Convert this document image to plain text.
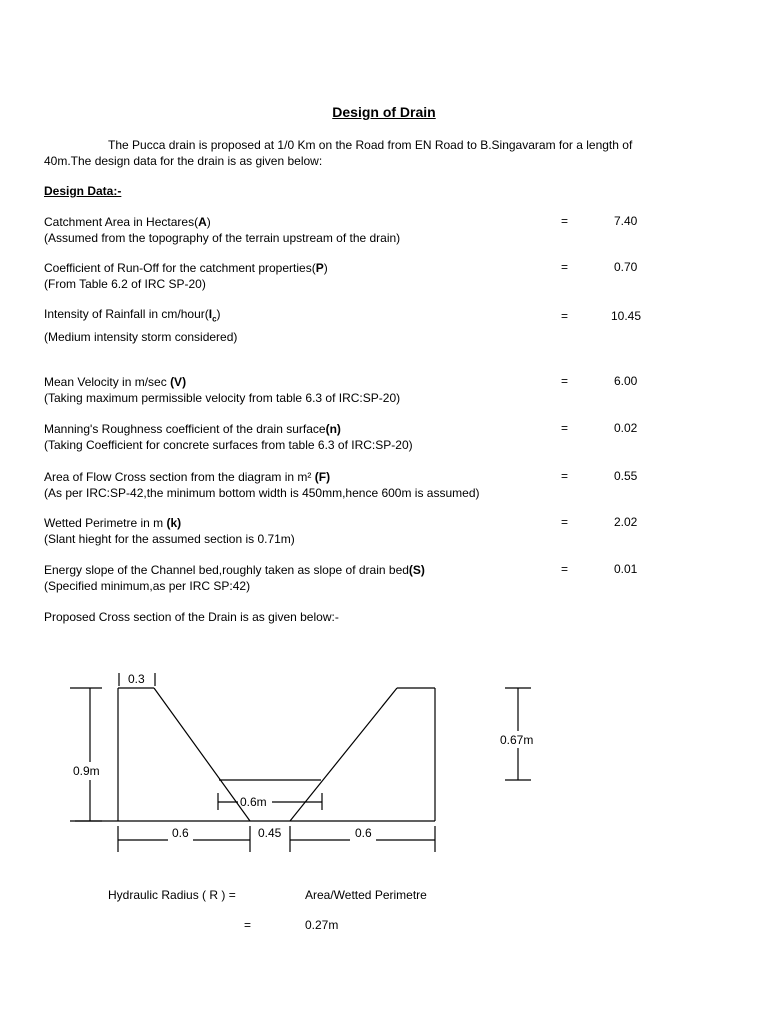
Design of Drain
The Pucca drain is proposed at 1/0 Km on the Road from EN Road to B.Singavaram for a length of 40m.The design data for the drain is as given below:
Design Data:-
Catchment Area in Hectares(A)
(Assumed from the topography of the terrain upstream of the drain)
=	7.40
Coefficient of Run-Off for the catchment properties(P)
(From Table 6.2 of IRC SP-20)
=	0.70
Intensity of Rainfall in $cm/hour(I_c)$
(Medium intensity storm considered)
=	10.45
Mean Velocity in m/sec (V)
(Taking maximum permissible velocity from table 6.3 of IRC:SP-20)
=	6.00
Manning's Roughness coefficient of the drain surface(n)
(Taking Coefficient for concrete surfaces from table 6.3 of IRC:SP-20)
=	0.02
Area of Flow Cross section from the diagram in m² (F)
(As per IRC:SP-42,the minimum bottom width is 450mm,hence 600m is assumed)
=	0.55
Wetted Perimetre in m (k)
(Slant hieght for the assumed section is 0.71m)
=	2.02
Energy slope of the Channel bed,roughly taken as slope of drain bed(S)
(Specified minimum,as per IRC SP:42)
=	0.01
Proposed Cross section of the Drain is as given below:-
0.3
0.9m
0.67m
0.6m
0.6	0.45	0.6
Hydraulic Radius ( R ) =	Area/Wetted Perimetre
=	0.27m
